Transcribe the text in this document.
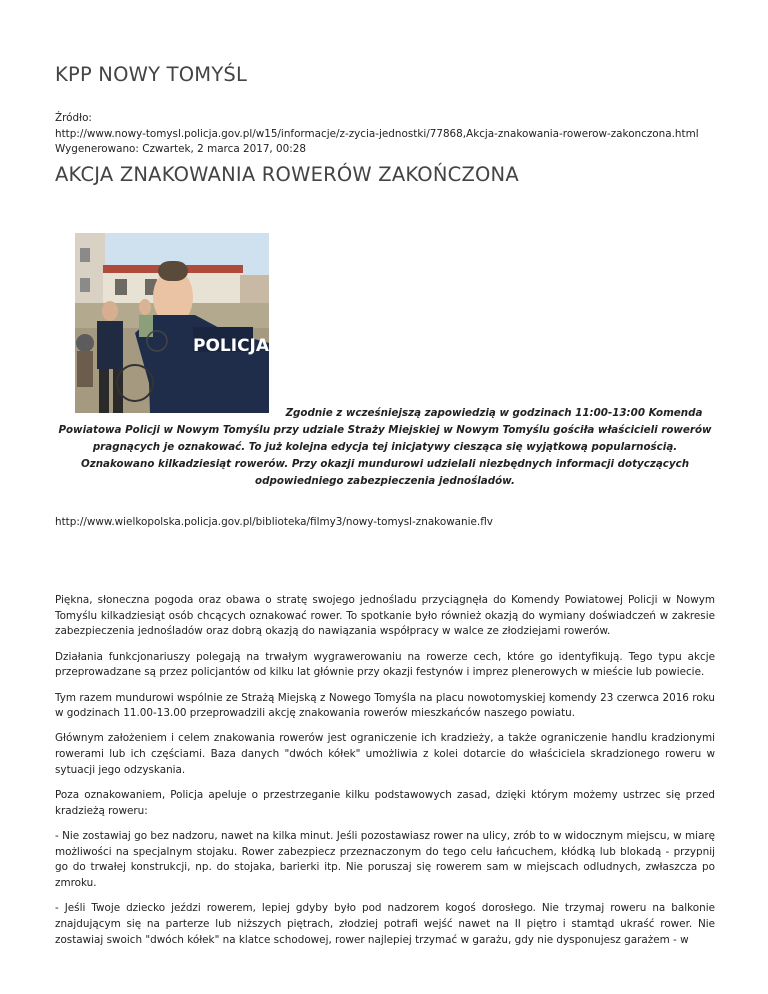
KPP NOWY TOMYŚL
Źródło:
http://www.nowy-tomysl.policja.gov.pl/w15/informacje/z-zycia-jednostki/77868,Akcja-znakowania-rowerow-zakonczona.html
Wygenerowano: Czwartek, 2 marca 2017, 00:28
AKCJA ZNAKOWANIA ROWERÓW ZAKOŃCZONA
POLICJA
Zgodnie z wcześniejszą zapowiedzią w godzinach 11:00-13:00 Komenda Powiatowa Policji w Nowym Tomyślu przy udziale Straży Miejskiej w Nowym Tomyślu gościła właścicieli rowerów pragnących je oznakować. To już kolejna edycja tej inicjatywy ciesząca się wyjątkową popularnością. Oznakowano kilkadziesiąt rowerów. Przy okazji mundurowi udzielali niezbędnych informacji dotyczących odpowiedniego zabezpieczenia jednośladów.
http://www.wielkopolska.policja.gov.pl/biblioteka/filmy3/nowy-tomysl-znakowanie.flv

Piękna, słoneczna pogoda oraz obawa o stratę swojego jednośladu przyciągnęła do Komendy Powiatowej Policji w Nowym Tomyślu kilkadziesiąt osób chcących oznakować rower. To spotkanie było również okazją do wymiany doświadczeń w zakresie zabezpieczenia jednośladów oraz dobrą okazją do nawiązania współpracy w walce ze złodziejami rowerów.

Działania funkcjonariuszy polegają na trwałym wygrawerowaniu na rowerze cech, które go identyfikują. Tego typu akcje przeprowadzane są przez policjantów od kilku lat głównie przy okazji festynów i imprez plenerowych w mieście lub powiecie.

Tym razem mundurowi wspólnie ze Strażą Miejską z Nowego Tomyśla na placu nowotomyskiej komendy 23 czerwca 2016 roku w godzinach 11.00-13.00 przeprowadzili akcję znakowania rowerów mieszkańców naszego powiatu.

Głównym założeniem i celem znakowania rowerów jest ograniczenie ich kradzieży, a także ograniczenie handlu kradzionymi rowerami lub ich częściami. Baza danych "dwóch kółek" umożliwia z kolei dotarcie do właściciela skradzionego roweru w sytuacji jego odzyskania.

Poza oznakowaniem, Policja apeluje o przestrzeganie kilku podstawowych zasad, dzięki którym możemy ustrzec się przed kradzieżą roweru:

- Nie zostawiaj go bez nadzoru, nawet na kilka minut. Jeśli pozostawiasz rower na ulicy, zrób to w widocznym miejscu, w miarę możliwości na specjalnym stojaku. Rower zabezpiecz przeznaczonym do tego celu łańcuchem, kłódką lub blokadą - przypnij go do trwałej konstrukcji, np. do stojaka, barierki itp. Nie poruszaj się rowerem sam w miejscach odludnych, zwłaszcza po zmroku.

- Jeśli Twoje dziecko jeździ rowerem, lepiej gdyby było pod nadzorem kogoś dorosłego. Nie trzymaj roweru na balkonie znajdującym się na parterze lub niższych piętrach, złodziej potrafi wejść nawet na II piętro i stamtąd ukraść rower. Nie zostawiaj swoich "dwóch kółek" na klatce schodowej, rower najlepiej trzymać w garażu, gdy nie dysponujesz garażem - w
